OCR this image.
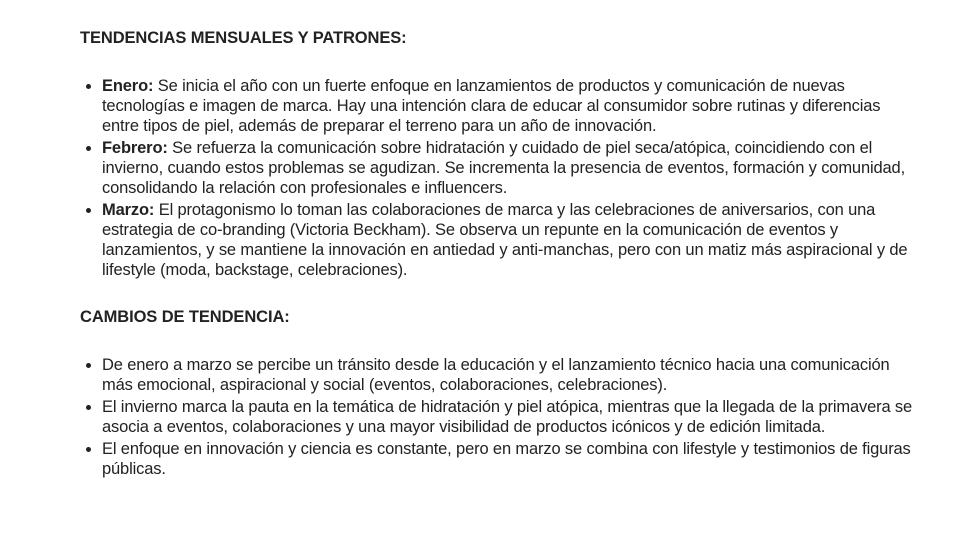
TENDENCIAS MENSUALES Y PATRONES:
Enero: Se inicia el año con un fuerte enfoque en lanzamientos de productos y comunicación de nuevas tecnologías e imagen de marca. Hay una intención clara de educar al consumidor sobre rutinas y diferencias entre tipos de piel, además de preparar el terreno para un año de innovación.
Febrero: Se refuerza la comunicación sobre hidratación y cuidado de piel seca/atópica, coincidiendo con el invierno, cuando estos problemas se agudizan. Se incrementa la presencia de eventos, formación y comunidad, consolidando la relación con profesionales e influencers.
Marzo: El protagonismo lo toman las colaboraciones de marca y las celebraciones de aniversarios, con una estrategia de co-branding (Victoria Beckham). Se observa un repunte en la comunicación de eventos y lanzamientos, y se mantiene la innovación en antiedad y anti-manchas, pero con un matiz más aspiracional y de lifestyle (moda, backstage, celebraciones).
CAMBIOS DE TENDENCIA:
De enero a marzo se percibe un tránsito desde la educación y el lanzamiento técnico hacia una comunicación más emocional, aspiracional y social (eventos, colaboraciones, celebraciones).
El invierno marca la pauta en la temática de hidratación y piel atópica, mientras que la llegada de la primavera se asocia a eventos, colaboraciones y una mayor visibilidad de productos icónicos y de edición limitada.
El enfoque en innovación y ciencia es constante, pero en marzo se combina con lifestyle y testimonios de figuras públicas.
